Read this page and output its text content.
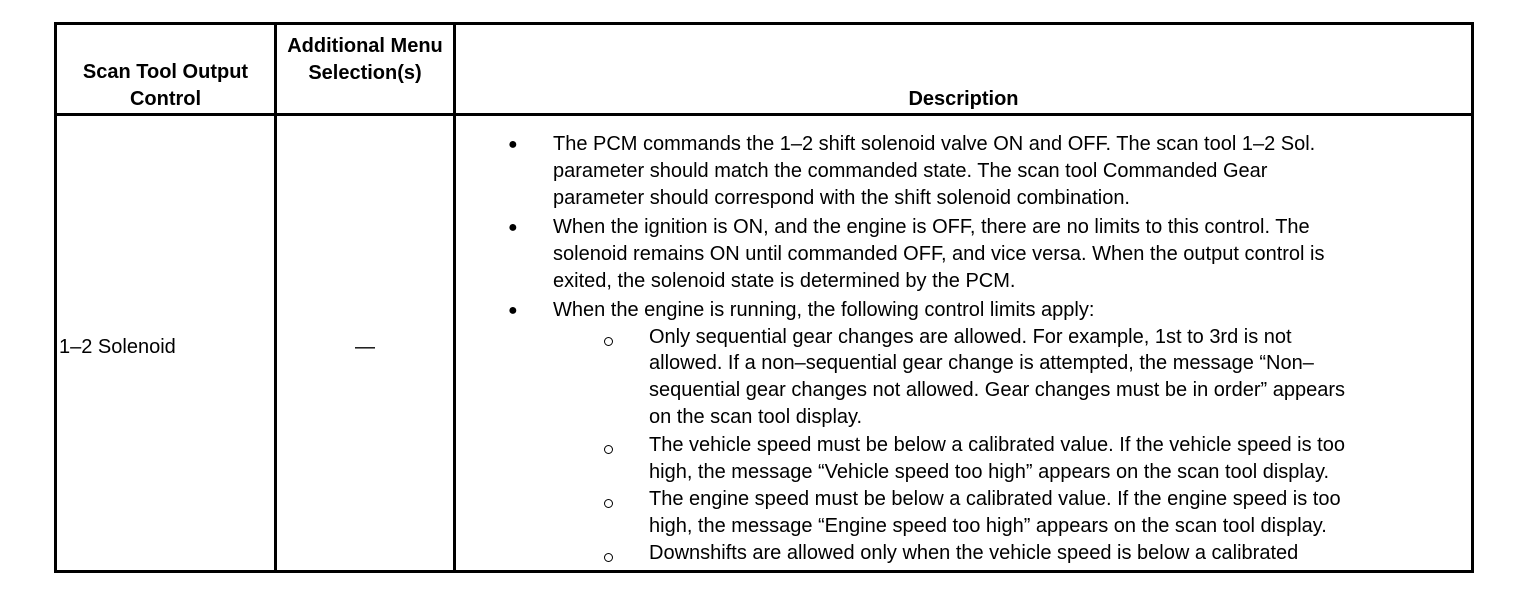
Scan Tool Output Control
Additional Menu Selection(s)
Description
1–2 Solenoid	—
● The PCM commands the 1–2 shift solenoid valve ON and OFF. The scan tool 1–2 Sol.
parameter should match the commanded state. The scan tool Commanded Gear
parameter should correspond with the shift solenoid combination.
● When the ignition is ON, and the engine is OFF, there are no limits to this control. The
solenoid remains ON until commanded OFF, and vice versa. When the output control is
exited, the solenoid state is determined by the PCM.
● When the engine is running, the following control limits apply:
Only sequential gear changes are allowed. For example, 1st to 3rd is not
allowed. If a non–sequential gear change is attempted, the message “Non–
sequential gear changes not allowed. Gear changes must be in order” appears
on the scan tool display.
The vehicle speed must be below a calibrated value. If the vehicle speed is too
high, the message “Vehicle speed too high” appears on the scan tool display.
The engine speed must be below a calibrated value. If the engine speed is too
high, the message “Engine speed too high” appears on the scan tool display.
Downshifts are allowed only when the vehicle speed is below a calibrated
